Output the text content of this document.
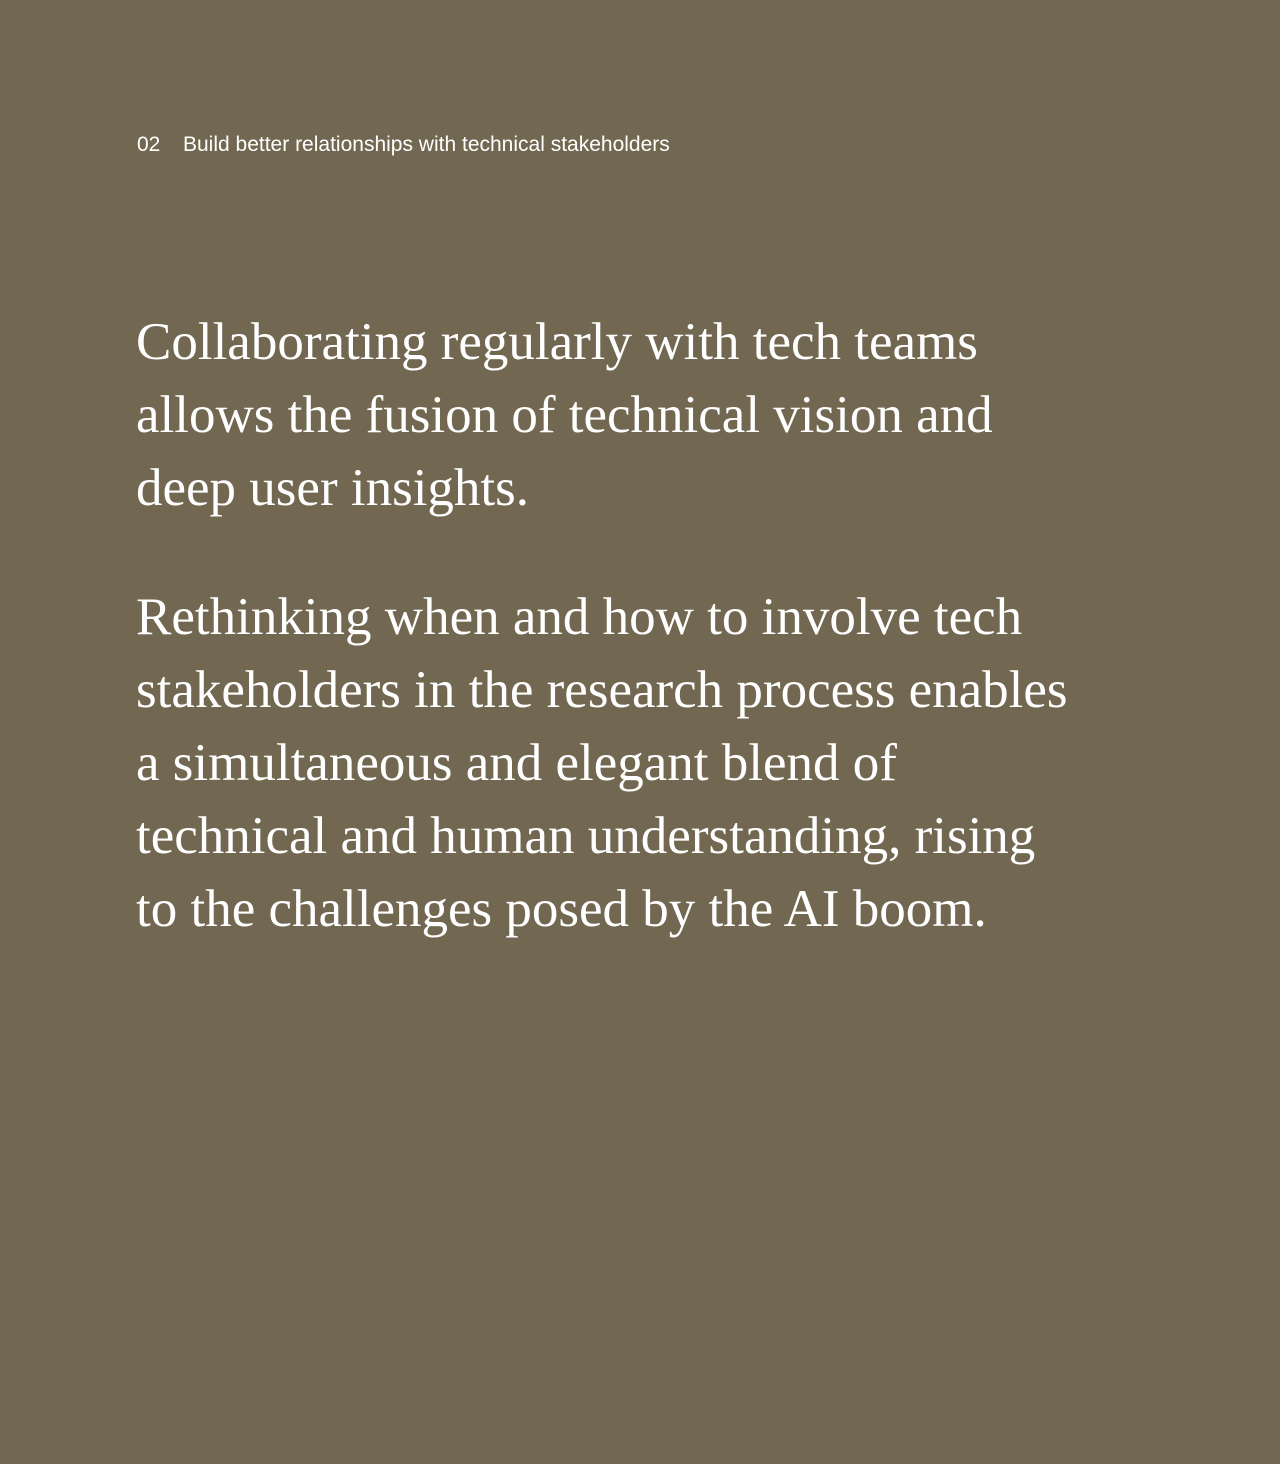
02	Build better relationships with technical stakeholders

Collaborating regularly with tech teams allows the fusion of technical vision and deep user insights.

Rethinking when and how to involve tech stakeholders in the research process enables a simultaneous and elegant blend of technical and human understanding, rising to the challenges posed by the AI boom.
